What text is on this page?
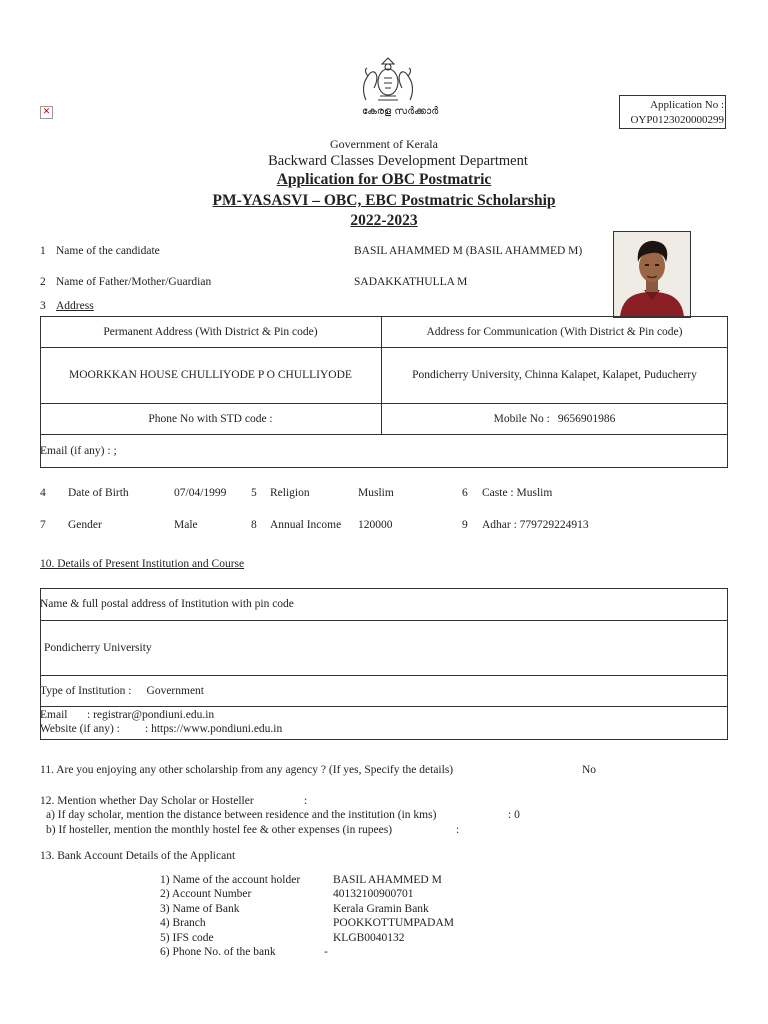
✕	കേരള സർക്കാർ
Application No :
OYP0123020000299
Government of Kerala
Backward Classes Development Department
Application for OBC Postmatric
PM-YASASVI – OBC, EBC Postmatric Scholarship
2022-2023
1 Name of the candidate	BASIL AHAMMED M (BASIL AHAMMED M)
2 Name of Father/Mother/Guardian	SADAKKATHULLA M
3 Address
Permanent Address (With District & Pin code)	Address for Communication (With District & Pin code)
MOORKKAN HOUSE CHULLIYODE P O CHULLIYODE	Pondicherry University, Chinna Kalapet, Kalapet, Puducherry
Phone No with STD code :	Mobile No : 9656901986
Email (if any) : ;
4 Date of Birth	07/04/1999 5 Religion	Muslim	6 Caste : Muslim
7 Gender	Male	8 Annual Income 120000	9 Adhar : 779729224913
10. Details of Present Institution and Course
Name & full postal address of Institution with pin code
Pondicherry University
Type of Institution : Government
Email : registrar@pondiuni.edu.in
Website (if any) : : https://www.pondiuni.edu.in
11. Are you enjoying any other scholarship from any agency ? (If yes, Specify the details)	No
12. Mention whether Day Scholar or Hosteller	:
a) If day scholar, mention the distance between residence and the institution (in kms)	: 0
b) If hosteller, mention the monthly hostel fee & other expenses (in rupees)	:
13. Bank Account Details of the Applicant
1) Name of the account holder	BASIL AHAMMED M
2) Account Number	40132100900701
3) Name of Bank	Kerala Gramin Bank
4) Branch	POOKKOTTUMPADAM
5) IFS code	KLGB0040132
6) Phone No. of the bank	-
